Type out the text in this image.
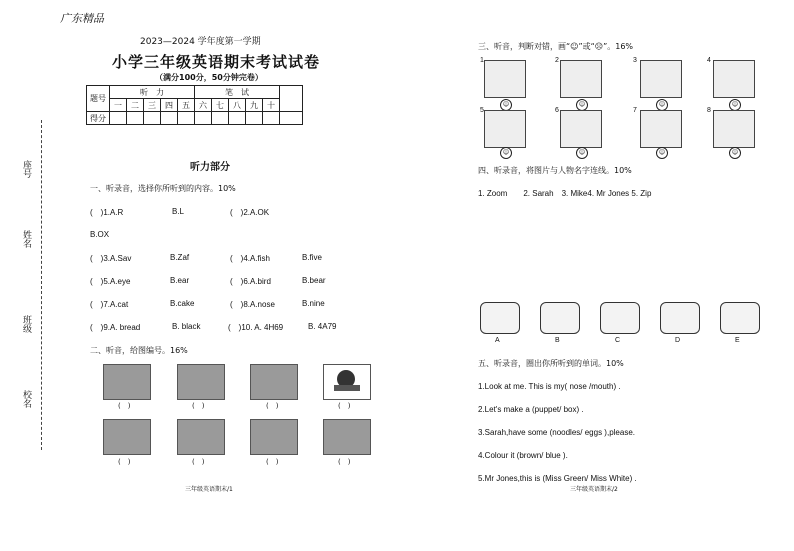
座号
姓名
班级
校名
广东精品
2023—2024 学年度第一学期
小学三年级英语期末考试试卷
（满分100分，50分钟完卷）
题号	听　力					笔　试					
	一	二	三	四	五	六	七	八	九	十	
得分											
听力部分
一、听录音，选择你所听到的内容。10%
(　)1.A.R	B.L	(　)2.A.OK
B.OX
(　)3.A.Sav	B.Zaf	(　)4.A.fish	B.five
(　)5.A.eye	B.ear	(　)6.A.bird	B.bear
(　)7.A.cat	B.cake	(　)8.A.nose	B.nine
(　)9.A. bread	B. black	(　)10. A. 4H69	B. 4A79
二、听音，给图编号。16%
(　)	(　)	(　)	(　)
(　)	(　)	(　)	(　)
三年级英语期末/1
三、听音，判断对错，画“☺”或“☹”。16%
1	2	3	4
☺	☺	☺	☺
5	6	7	8
☺	☺	☺	☺
四、听录音，将图片与人物名字连线。10%
1. Zoom　　2. Sarah　3. Mike4. Mr Jones 5. Zip
A	B	C	D	E
五、听录音，圈出你所听到的单词。10%
1.Look at me. This is my( nose /mouth) .
2.Let's make a (puppet/ box) .
3.Sarah,have some (noodles/ eggs ),please.
4.Colour it (brown/ blue ).
5.Mr Jones,this is (Miss Green/ Miss White) .
三年级英语期末/2
